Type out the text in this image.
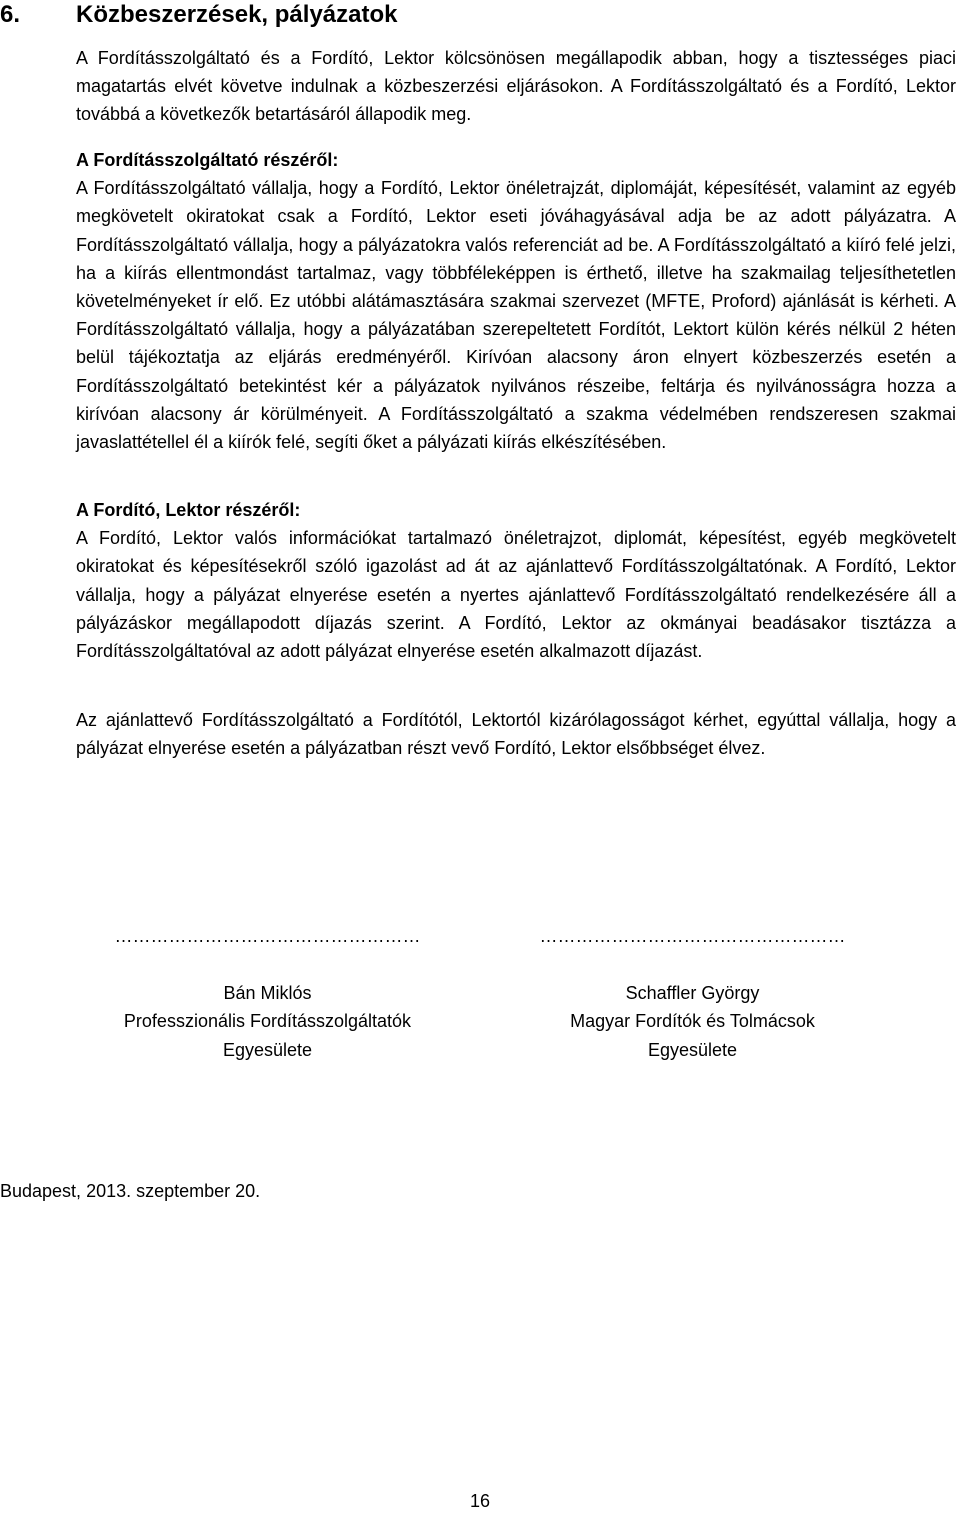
6. Közbeszerzések, pályázatok

A Fordításszolgáltató és a Fordító, Lektor kölcsönösen megállapodik abban, hogy a tisztességes piaci magatartás elvét követve indulnak a közbeszerzési eljárásokon. A Fordításszolgáltató és a Fordító, Lektor továbbá a következők betartásáról állapodik meg.

A Fordításszolgáltató részéről:

A Fordításszolgáltató vállalja, hogy a Fordító, Lektor önéletrajzát, diplomáját, képesítését, valamint az egyéb megkövetelt okiratokat csak a Fordító, Lektor eseti jóváhagyásával adja be az adott pályázatra. A Fordításszolgáltató vállalja, hogy a pályázatokra valós referenciát ad be. A Fordításszolgáltató a kiíró felé jelzi, ha a kiírás ellentmondást tartalmaz, vagy többféleképpen is érthető, illetve ha szakmailag teljesíthetetlen követelményeket ír elő. Ez utóbbi alátámasztására szakmai szervezet (MFTE, Proford) ajánlását is kérheti. A Fordításszolgáltató vállalja, hogy a pályázatában szerepeltetett Fordítót, Lektort külön kérés nélkül 2 héten belül tájékoztatja az eljárás eredményéről. Kirívóan alacsony áron elnyert közbeszerzés esetén a Fordításszolgáltató betekintést kér a pályázatok nyilvános részeibe, feltárja és nyilvánosságra hozza a kirívóan alacsony ár körülményeit. A Fordításszolgáltató a szakma védelmében rendszeresen szakmai javaslattétellel él a kiírók felé, segíti őket a pályázati kiírás elkészítésében.

A Fordító, Lektor részéről:

A Fordító, Lektor valós információkat tartalmazó önéletrajzot, diplomát, képesítést, egyéb megkövetelt okiratokat és képesítésekről szóló igazolást ad át az ajánlattevő Fordításszolgáltatónak. A Fordító, Lektor vállalja, hogy a pályázat elnyerése esetén a nyertes ajánlattevő Fordításszolgáltató rendelkezésére áll a pályázáskor megállapodott díjazás szerint. A Fordító, Lektor az okmányai beadásakor tisztázza a Fordításszolgáltatóval az adott pályázat elnyerése esetén alkalmazott díjazást.

Az ajánlattevő Fordításszolgáltató a Fordítótól, Lektortól kizárólagosságot kérhet, egyúttal vállalja, hogy a pályázat elnyerése esetén a pályázatban részt vevő Fordító, Lektor elsőbbséget élvez.

……………………………………………
Bán Miklós
Professzionális Fordításszolgáltatók
Egyesülete
……………………………………………
Schaffler György
Magyar Fordítók és Tolmácsok
Egyesülete
Budapest, 2013. szeptember 20.
16
